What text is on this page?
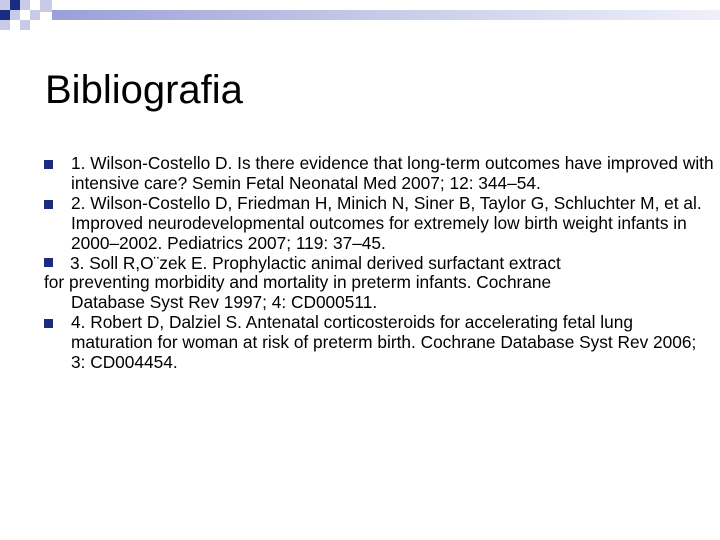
Bibliografia
1. Wilson-Costello D. Is there evidence that long-term outcomes have improved with intensive care? Semin Fetal Neonatal Med 2007; 12: 344–54.
2. Wilson-Costello D, Friedman H, Minich N, Siner B, Taylor G, Schluchter M, et al. Improved neurodevelopmental outcomes for extremely low birth weight infants in 2000–2002. Pediatrics 2007; 119: 37–45.
3. Soll R,O¨zek E. Prophylactic animal derived surfactant extract
for preventing morbidity and mortality in preterm infants. Cochrane
Database Syst Rev 1997; 4: CD000511.
4. Robert D, Dalziel S. Antenatal corticosteroids for accelerating fetal lung maturation for woman at risk of preterm birth. Cochrane Database Syst Rev 2006; 3: CD004454.
